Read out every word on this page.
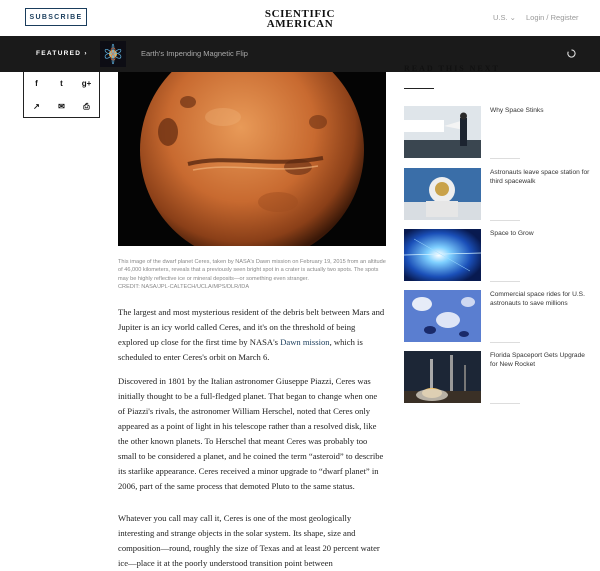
SUBSCRIBE	SCIENTIFIC
AMERICAN
U.S. ⌄ Login / Register
FEATURED ›	Earth's Impending Magnetic Flip
f	t	g+
↗	✉	⎙
This image of the dwarf planet Ceres, taken by NASA's Dawn mission on February 19, 2015 from an altitude of 46,000 kilometers, reveals that a previously seen bright spot in a crater is actually two spots. The spots may be highly reflective ice or mineral deposits—or something even stranger.
CREDIT: NASA/JPL-CALTECH/UCLA/MPS/DLR/IDA
The largest and most mysterious resident of the debris belt between Mars and Jupiter is an icy world called Ceres, and it's on the threshold of being explored up close for the first time by NASA's Dawn mission, which is scheduled to enter Ceres's orbit on March 6.
Discovered in 1801 by the Italian astronomer Giuseppe Piazzi, Ceres was initially thought to be a full-fledged planet. That began to change when one of Piazzi's rivals, the astronomer William Herschel, noted that Ceres only appeared as a point of light in his telescope rather than a resolved disk, like the other known planets. To Herschel that meant Ceres was probably too small to be considered a planet, and he coined the term “asteroid” to describe its starlike appearance. Ceres received a minor upgrade to “dwarf planet” in 2006, part of the same process that demoted Pluto to the same status.
Whatever you call may call it, Ceres is one of the most geologically interesting and strange objects in the solar system. Its shape, size and composition—round, roughly the size of Texas and at least 20 percent water ice—place it at the poorly understood transition point between
READ THIS NEXT
Why Space Stinks
Astronauts leave space station for third spacewalk
Space to Grow
Commercial space rides for U.S. astronauts to save millions
Florida Spaceport Gets Upgrade for New Rocket
